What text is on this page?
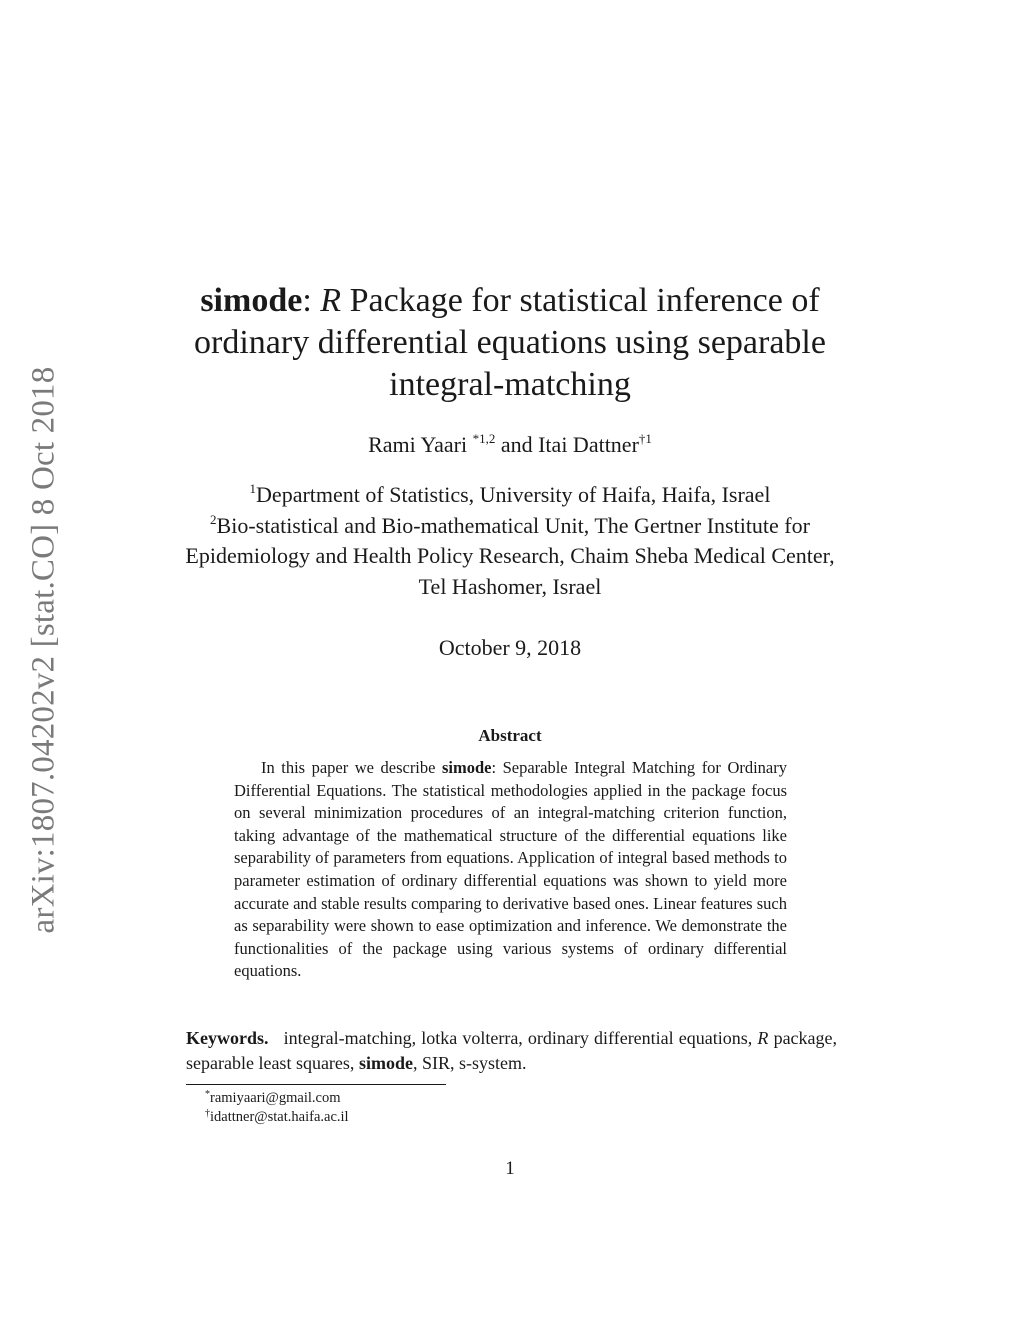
arXiv:1807.04202v2 [stat.CO] 8 Oct 2018
simode: R Package for statistical inference of
ordinary differential equations using separable
integral-matching
Rami Yaari $^{*1,2}$ and Itai Dattner$^{\dagger 1}$
$^1$Department of Statistics, University of Haifa, Haifa, Israel
$^2$Bio-statistical and Bio-mathematical Unit, The Gertner Institute for Epidemiology and Health Policy Research, Chaim Sheba Medical Center, Tel Hashomer, Israel
October 9, 2018
Abstract
In this paper we describe simode: Separable Integral Matching for Ordinary Differential Equations. The statistical methodologies applied in the package focus on several minimization procedures of an integral-matching criterion function, taking advantage of the mathematical structure of the differential equations like separability of parameters from equations. Application of integral based methods to parameter estimation of ordinary differential equations was shown to yield more accurate and stable results comparing to derivative based ones. Linear features such as separability were shown to ease optimization and inference. We demonstrate the functionalities of the package using various systems of ordinary differential equations.
Keywords. integral-matching, lotka volterra, ordinary differential equations, R package, separable least squares, simode, SIR, s-system.
*ramiyaari@gmail.com
†idattner@stat.haifa.ac.il
1
